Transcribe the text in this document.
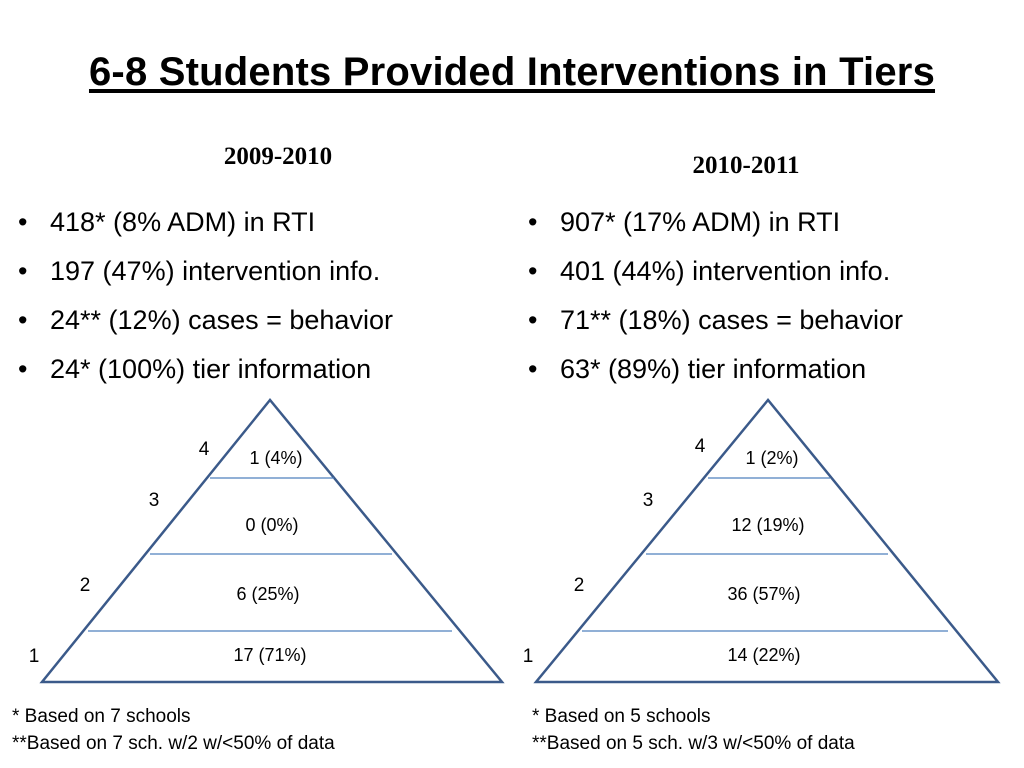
6-8 Students Provided Interventions in Tiers
2009-2010	2010-2011
• 418* (8% ADM) in RTI
• 197 (47%) intervention info.
• 24** (12%) cases = behavior
• 24* (100%) tier information
• 907* (17% ADM) in RTI
• 401 (44%) intervention info.
• 71** (18%) cases = behavior
• 63* (89%) tier information
4
3
2
1
1 (4%)
0 (0%)
6 (25%)
17 (71%)
4
3
2
1
1 (2%)
12 (19%)
36 (57%)
14 (22%)
* Based on 7 schools
**Based on 7 sch. w/2 w/<50% of data
* Based on 5 schools
**Based on 5 sch. w/3 w/<50% of data
